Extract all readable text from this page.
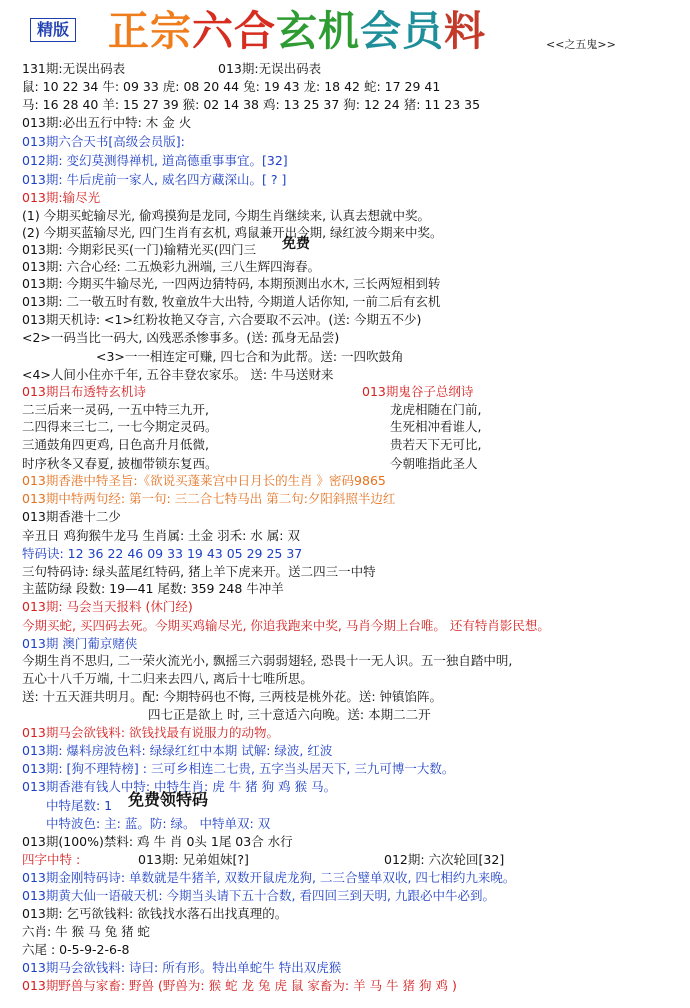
精版 正宗六合玄机会员料	<<之五鬼>>
131期:无误出码表	013期:无误出码表
鼠: 10 22 34 牛: 09 33 虎: 08 20 44 兔: 19 43 龙: 18 42 蛇: 17 29 41
马: 16 28 40 羊: 15 27 39 猴: 02 14 38 鸡: 13 25 37 狗: 12 24 猪: 11 23 35
013期:必出五行中特: 木 金 火
013期六合天书[高级会员版]:
012期: 变幻莫测得禅机, 道高德重事事宜。[32]
013期: 牛后虎前一家人, 威名四方藏深山。[ ? ]
013期:输尽光
(1) 今期买蛇输尽光, 偷鸡摸狗是龙同, 今期生肖继续来, 认真去想就中奖。
(2) 今期买蓝输尽光, 四门生肖有玄机, 鸡鼠兼开出今期, 绿红波今期来中奖。
013期: 今期彩民买(一门)输精光买(四门三 免费
013期: 六合心经: 二五焕彩九洲端, 三八生辉四海春。
013期: 今期买牛输尽光, 一四两边猜特码, 本期预测出水木, 三长两短相到转
013期: 二一敬五时有数, 牧童放牛大出特, 今期道人话你知, 一前二后有玄机
013期天机诗: <1>红粉妆艳又夺言, 六合要取不云冲。(送: 今期五不少)
<2>一码当比一码大, 凶残恶杀惨事多。(送: 孤身无品尝)
<3>一一相连定可赚, 四七合和为此帮。送: 一四吹鼓角
<4>人间小住亦千年, 五谷丰登农家乐。 送: 牛马送财来
013期吕布透特玄机诗	013期鬼谷子总纲诗
二三后来一灵码, 一五中特三九开,	龙虎相随在门前,
二四得来三七二, 一七今期定灵码。	生死相冲看谁人,
三通鼓角四更鸡, 日色高升月低微,	贵若天下无可比,
时序秋冬又春夏, 披枷带锁东复西。	今朝唯指此圣人
013期香港中特圣旨:《欲说买蓬莱宫中日月长的生肖 》密码9865
013期中特两句经: 第一句: 三二合七特马出 第二句:夕阳斜照半边红
013期香港十二少
辛丑日 鸡狗猴牛龙马 生肖属: 土金 羽禾: 水 属: 双
特码诀: 12 36 22 46 09 33 19 43 05 29 25 37
三句特码诗: 绿头蓝尾红特码, 猪上羊下虎来开。送二四三一中特
主蓝防绿 段数: 19—41 尾数: 359 248 牛冲羊
013期: 马会当天报料 (休门经)
今期买蛇, 买四码去死。今期买鸡输尽光, 你追我跑来中奖, 马肖今期上台唯。 还有特肖影民想。
013期 澳门葡京赌侠
今期生肖不思归, 二一荣火流光小, 飘摇三六弱弱翅轻, 恐畏十一无人识。五一独自踏中明,
五心十八千万端, 十二归来去四八, 离后十七唯所思。
送: 十五天涯共明月。配: 今期特码也不悔, 三两枝是桃外花。送: 钟镇馅阵。
四七正是欲上 时, 三十意适六向晚。送: 本期二二开
013期马会欲钱料: 欲钱找最有说服力的动物。
013期: 爆料房波色料: 绿绿红红中本期 试解: 绿波, 红波
013期: [狗不理特榜] : 三可乡相连二七贵, 五字当头居天下, 三九可博一大数。
013期香港有钱人中特: 中特生肖: 虎 牛 猪 狗 鸡 猴 马。
中特尾数: 1 免费领特码
中特波色: 主: 蓝。防: 绿。 中特单双: 双
013期(100%)禁料: 鸡 牛 肖 0头 1尾 03合 水行
四字中特 :	013期: 兄弟姐妹[?]	012期: 六次轮回[32]
013期金刚特码诗: 单数就是牛猪羊, 双数开鼠虎龙狗, 二三合璧单双收, 四七相约九来晚。
013期黄大仙一语破天机: 今期当头请下五十合数, 看四回三到天明, 九跟必中牛必到。
013期: 乞丐欲钱料: 欲钱找水落石出找真理的。
六肖: 牛 猴 马 兔 猪 蛇
六尾 : 0-5-9-2-6-8
013期马会欲钱料: 诗曰: 所有形。特出单蛇牛 特出双虎猴
013期野兽与家畜: 野兽 (野兽为: 猴 蛇 龙 兔 虎 鼠 家畜为: 羊 马 牛 猪 狗 鸡 )
